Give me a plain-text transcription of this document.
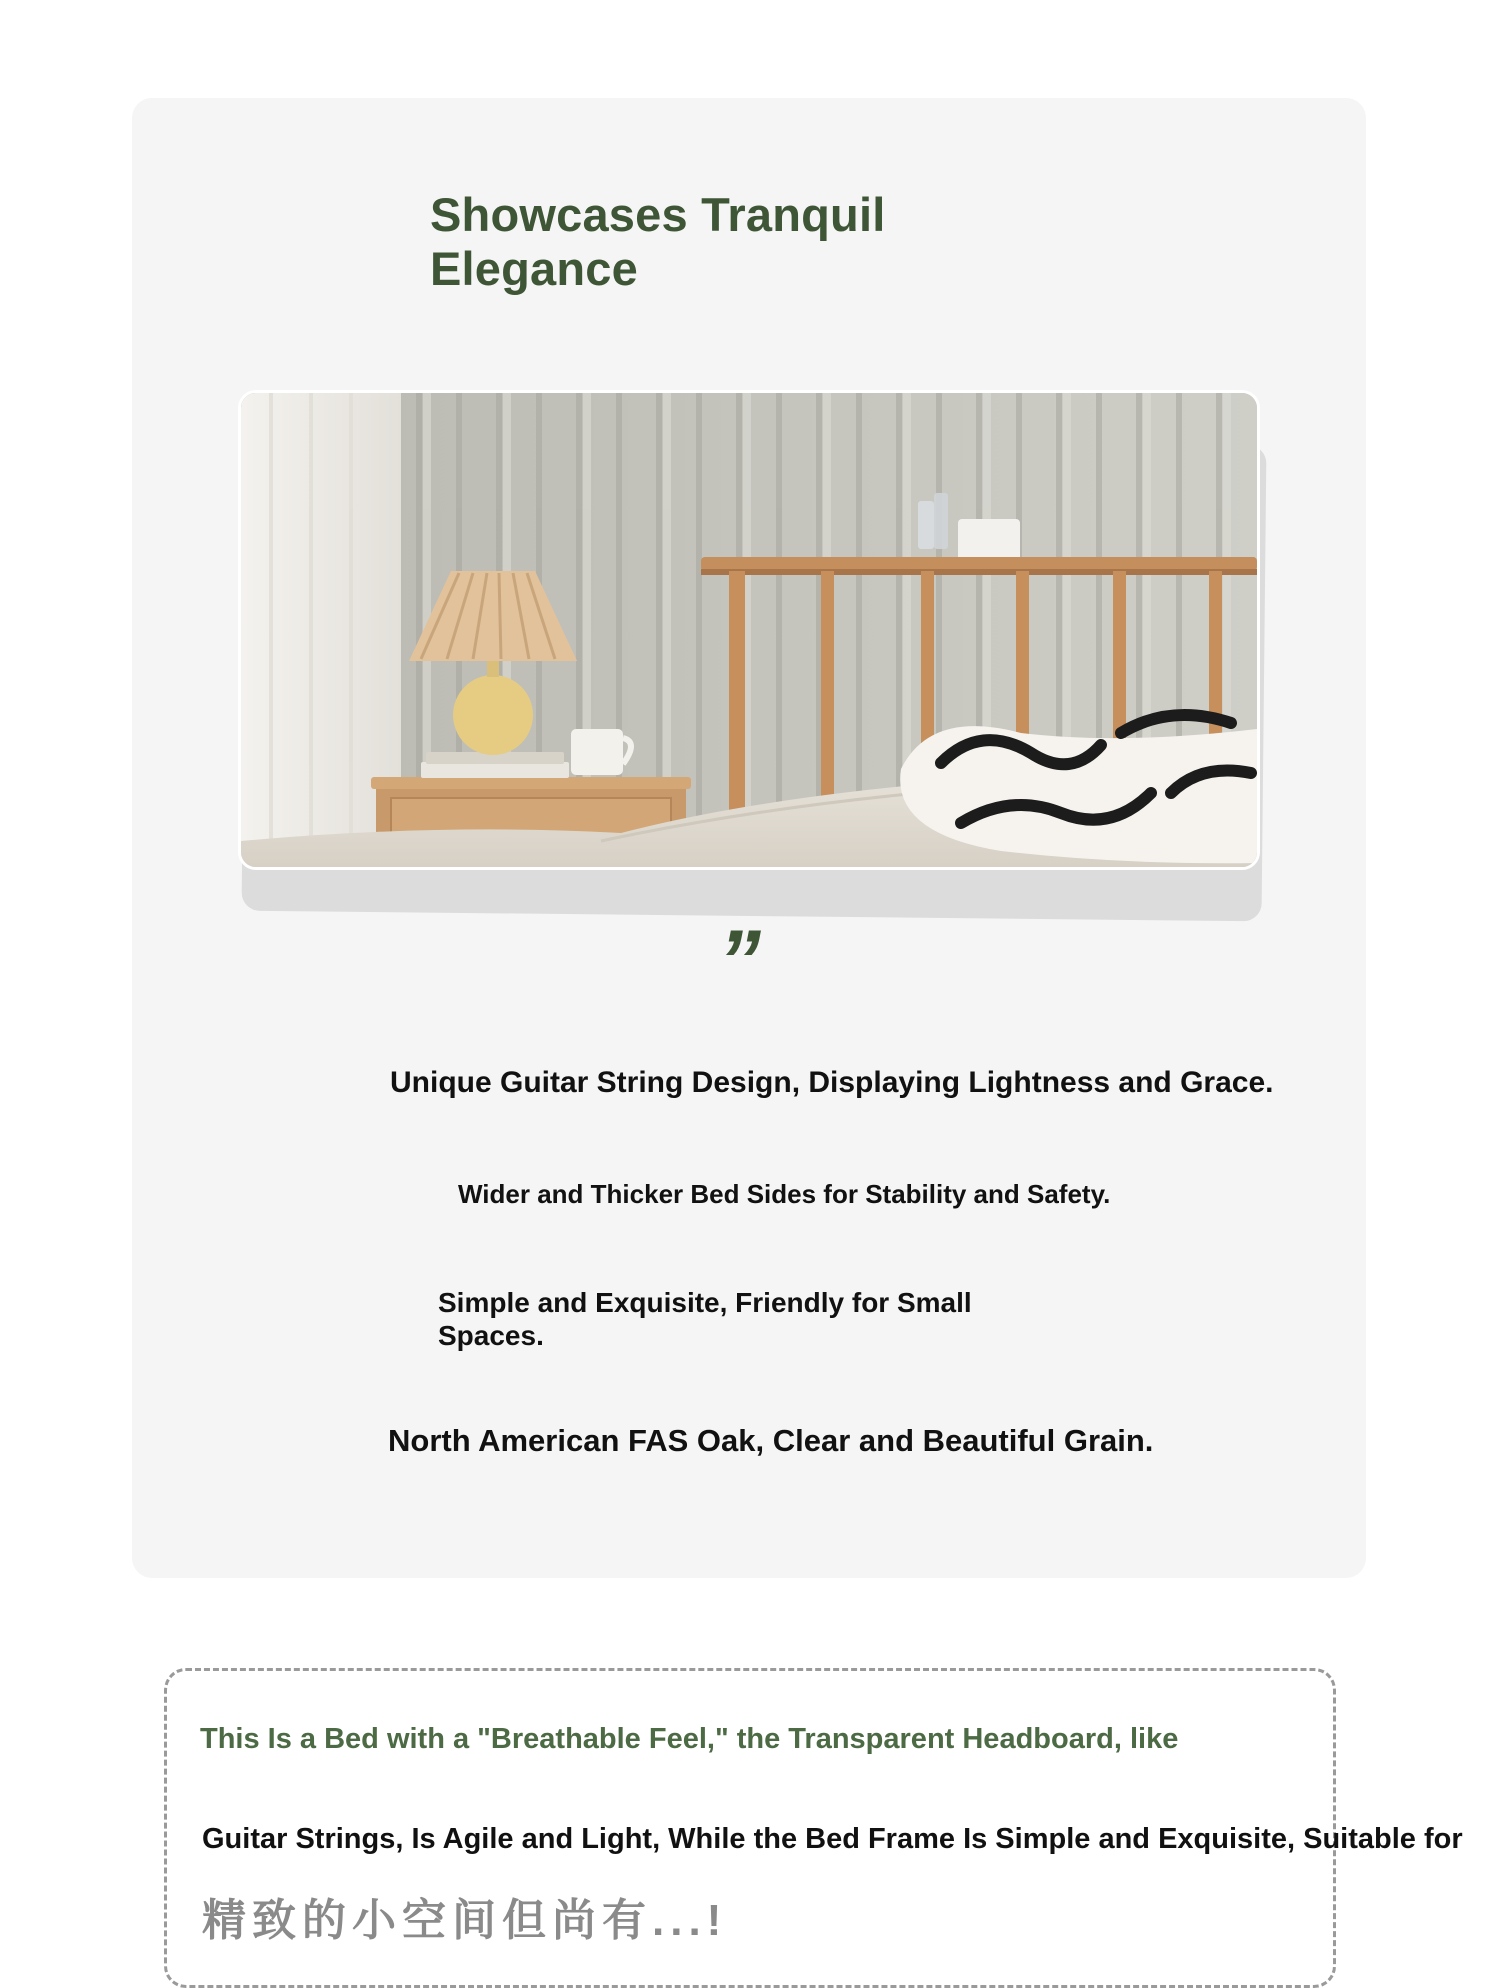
Showcases Tranquil
Elegance
”

Unique Guitar String Design, Displaying Lightness and Grace.

Wider and Thicker Bed Sides for Stability and Safety.

Simple and Exquisite, Friendly for Small Spaces.

North American FAS Oak, Clear and Beautiful Grain.

This Is a Bed with a "Breathable Feel," the Transparent Headboard, like

Guitar Strings, Is Agile and Light, While the Bed Frame Is Simple and Exquisite, Suitable for

精致的小空间但尚有...!
